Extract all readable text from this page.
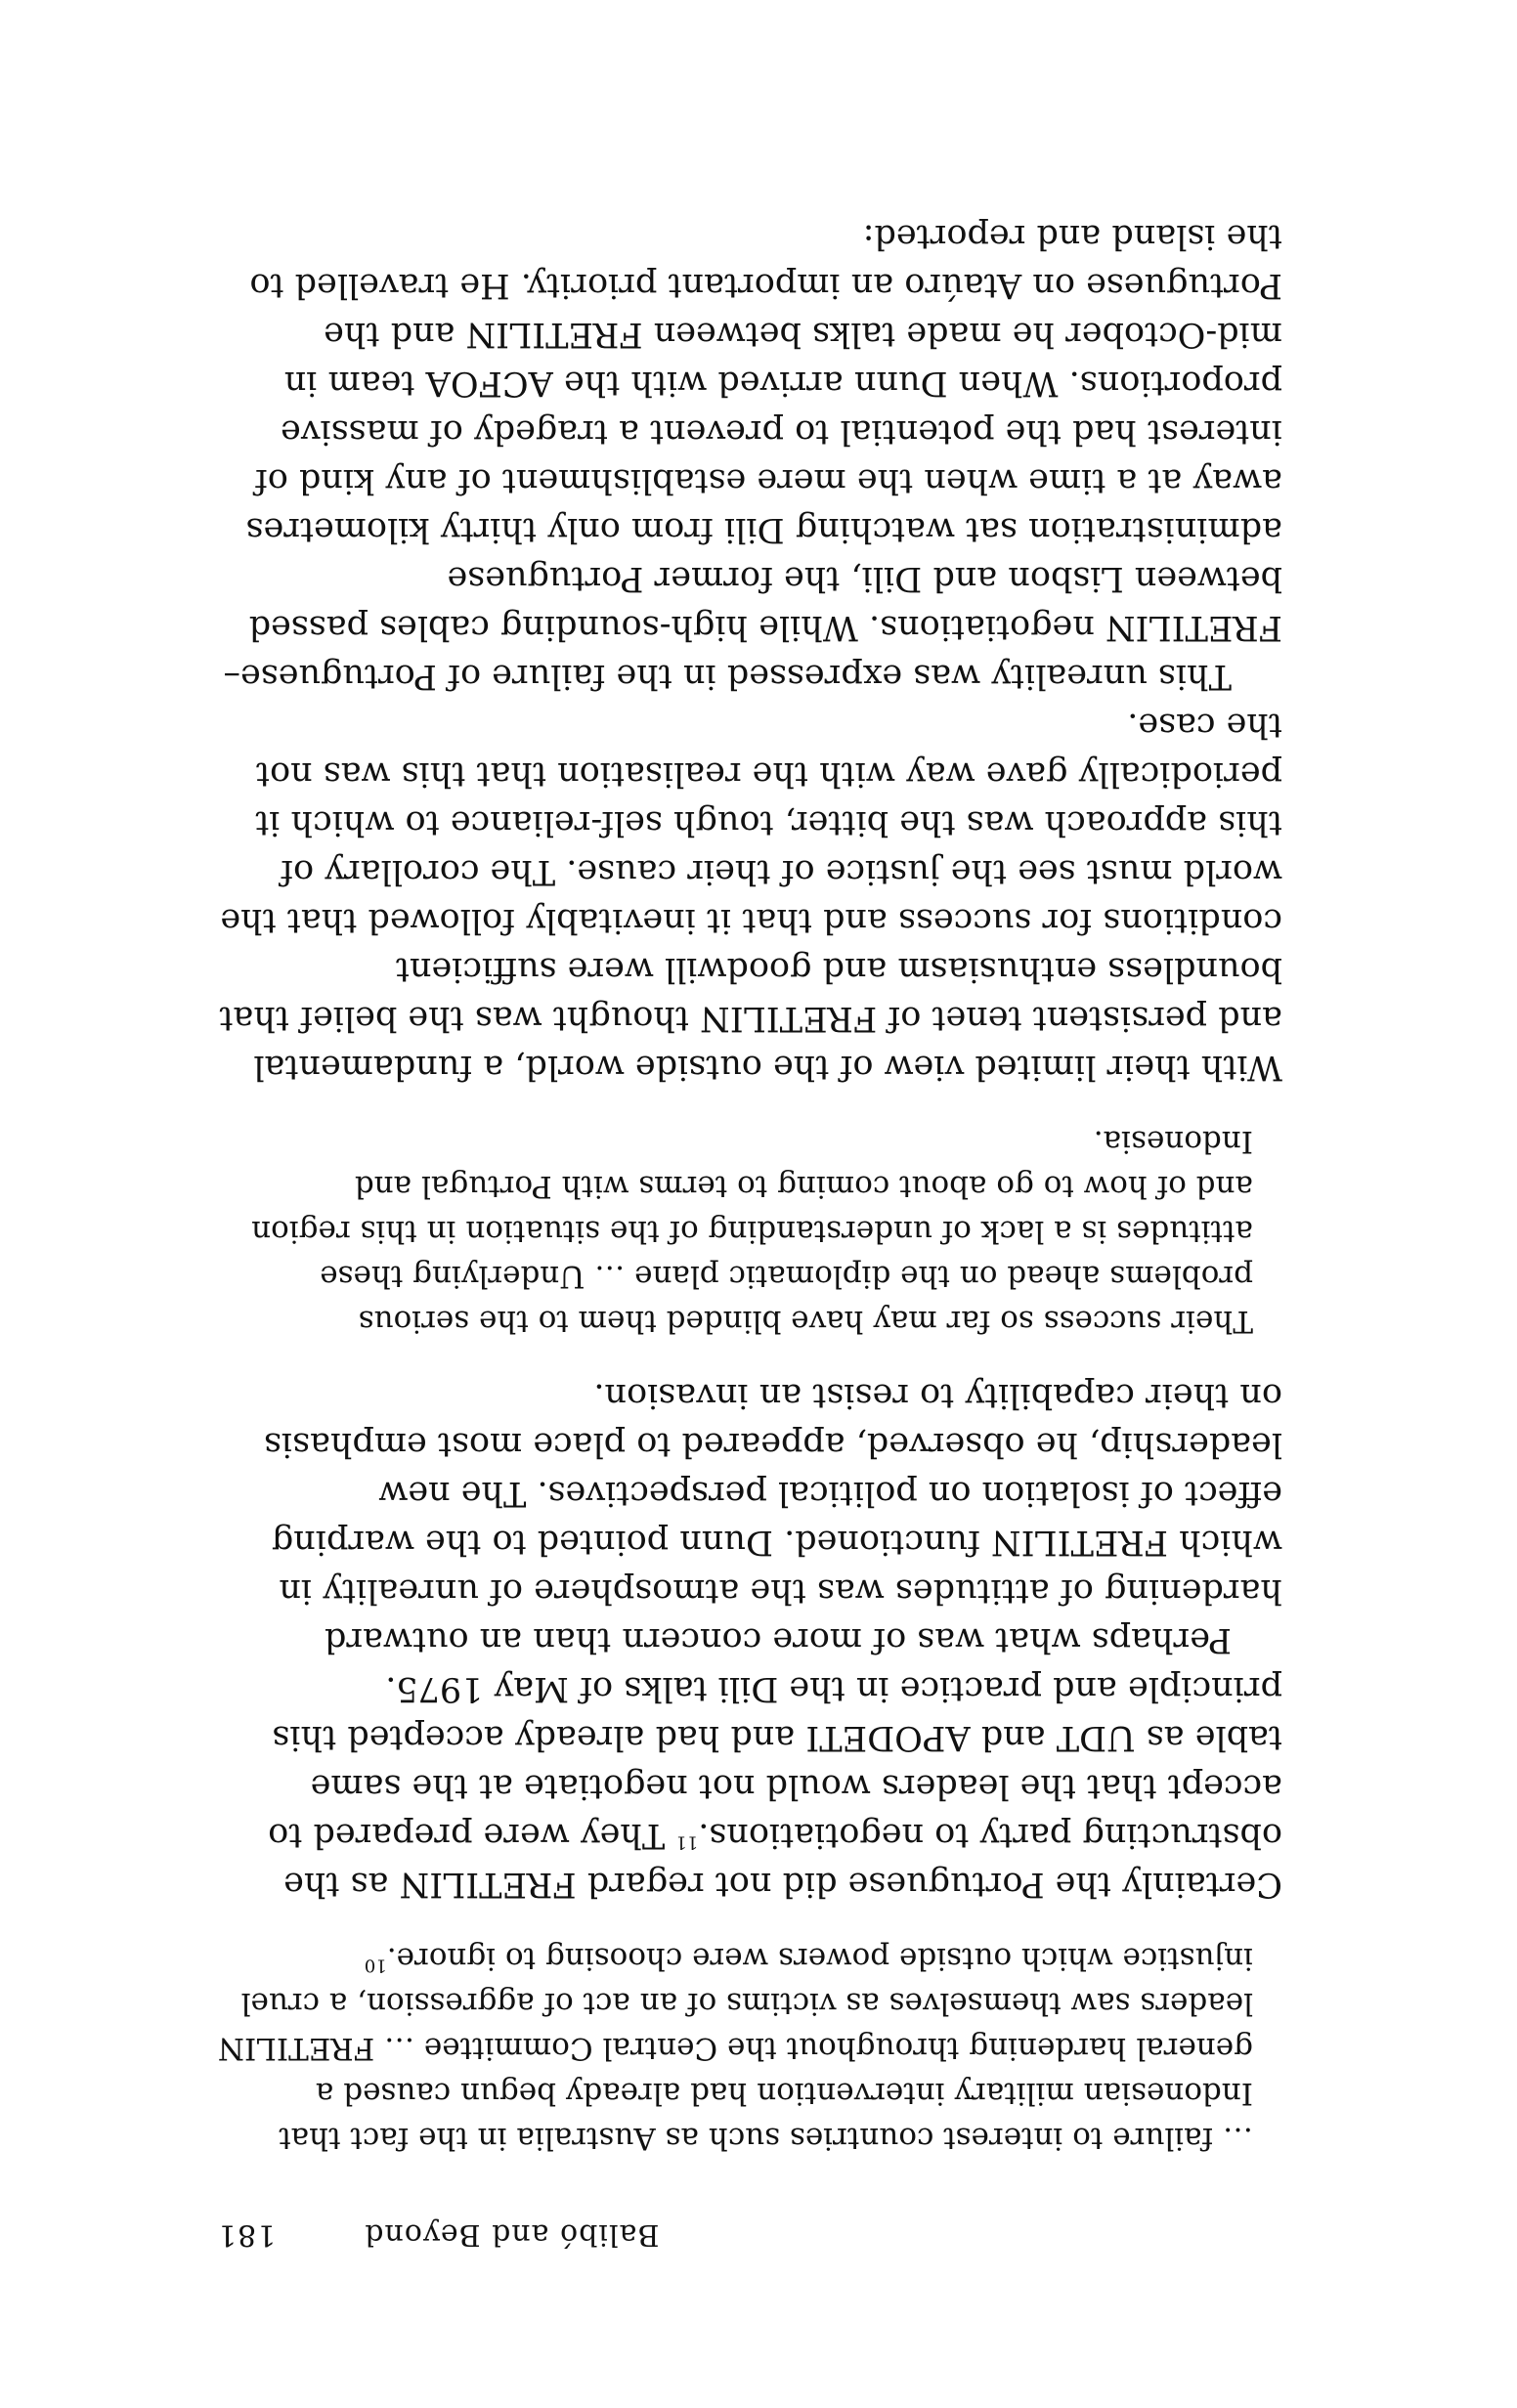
Balibó and Beyond
181

… failure to interest countries such as Australia in the fact that Indonesian military intervention had already begun caused a general hardening throughout the Central Committee … FRETILIN leaders saw themselves as victims of an act of aggression, a cruel injustice which outside powers were choosing to ignore.$^{10}$

Certainly the Portuguese did not regard FRETILIN as the obstructing party to negotiations.$^{11}$ They were prepared to accept that the leaders would not negotiate at the same table as UDT and APODETI and had already accepted this principle and practice in the Dili talks of May 1975.

Perhaps what was of more concern than an outward hardening of attitudes was the atmosphere of unreality in which FRETILIN functioned. Dunn pointed to the warping effect of isolation on political perspectives. The new leadership, he observed, appeared to place most emphasis on their capability to resist an invasion.

Their success so far may have blinded them to the serious problems ahead on the diplomatic plane … Underlying these attitudes is a lack of understanding of the situation in this region and of how to go about coming to terms with Portugal and Indonesia.

With their limited view of the outside world, a fundamental and persistent tenet of FRETILIN thought was the belief that boundless enthusiasm and goodwill were sufficient conditions for success and that it inevitably followed that the world must see the justice of their cause. The corollary of this approach was the bitter, tough self-reliance to which it periodically gave way with the realisation that this was not the case.

This unreality was expressed in the failure of Portuguese–FRETILIN negotiations. While high-sounding cables passed between Lisbon and Dili, the former Portuguese administration sat watching Dili from only thirty kilometres away at a time when the mere establishment of any kind of interest had the potential to prevent a tragedy of massive proportions. When Dunn arrived with the ACFOA team in mid-October he made talks between FRETILIN and the Portuguese on Ataúro an important priority. He travelled to the island and reported:
